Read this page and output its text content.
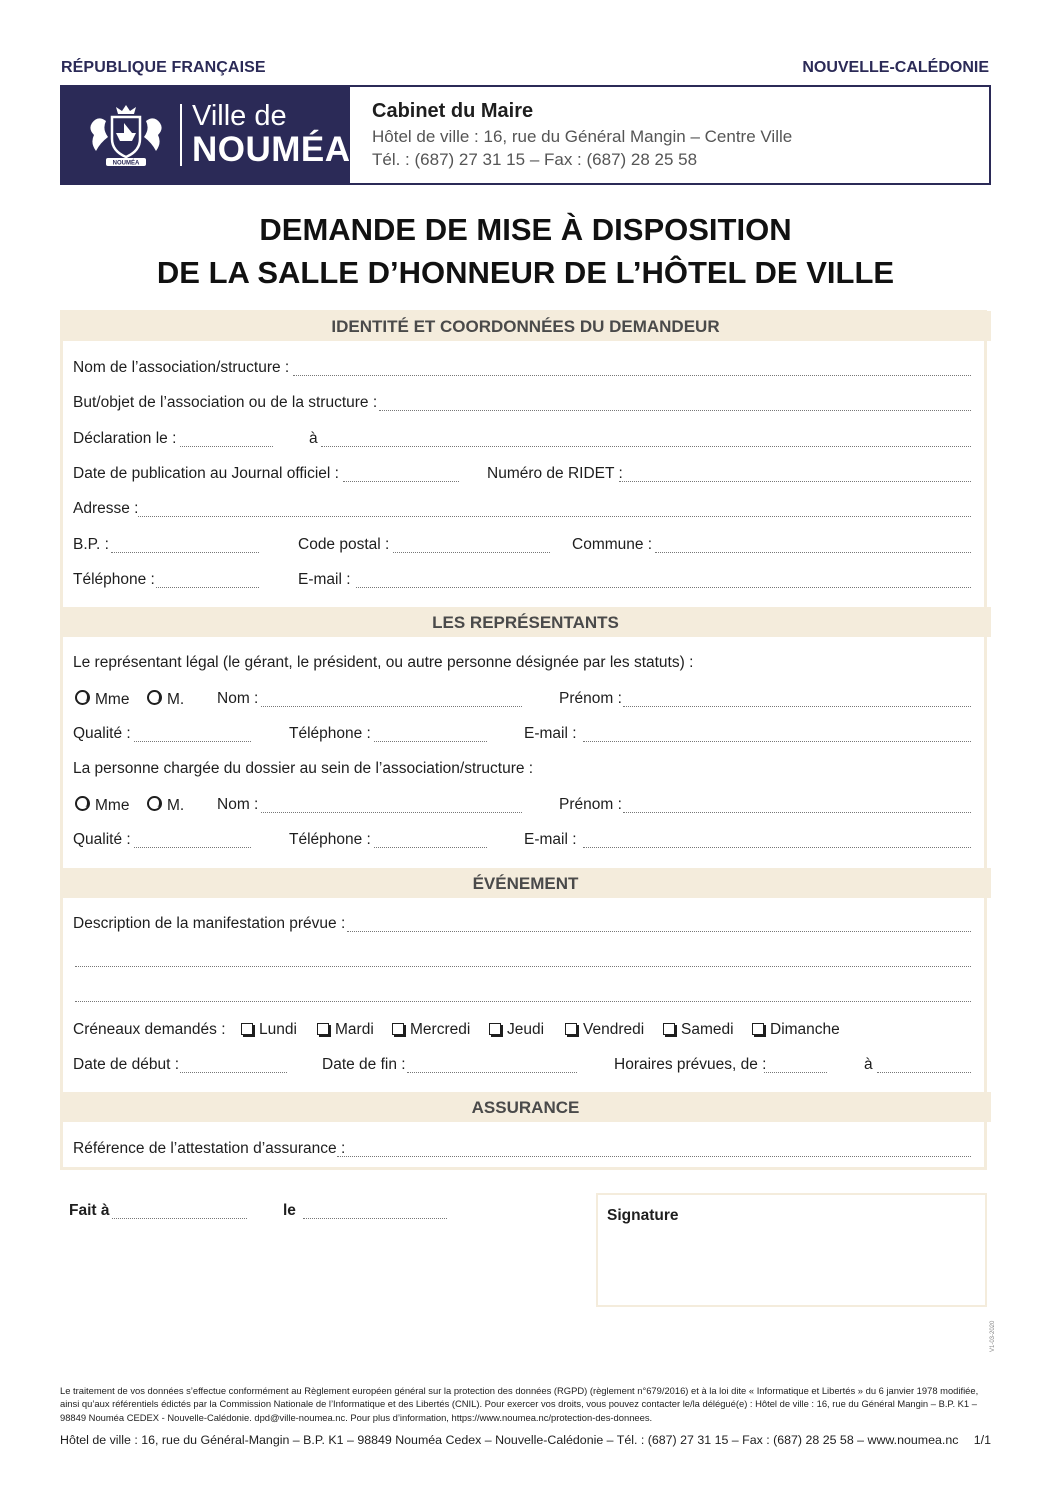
RÉPUBLIQUE FRANÇAISE	NOUVELLE-CALÉDONIE
NOUMÉA
Ville de
NOUMÉA
Cabinet du Maire
Hôtel de ville : 16, rue du Général Mangin – Centre Ville
Tél. : (687) 27 31 15 – Fax : (687) 28 25 58
DEMANDE DE MISE À DISPOSITION
DE LA SALLE D’HONNEUR DE L’HÔTEL DE VILLE
IDENTITÉ ET COORDONNÉES DU DEMANDEUR
Nom de l’association/structure :
But/objet de l’association ou de la structure :
Déclaration le :	à
Date de publication au Journal officiel :	Numéro de RIDET :
Adresse :
B.P. :	Code postal :	Commune :
Téléphone :	E-mail :
LES REPRÉSENTANTS
Le représentant légal (le gérant, le président, ou autre personne désignée par les statuts) :
Mme	M. Nom :	Prénom :
Qualité :	Téléphone :	E-mail :
La personne chargée du dossier au sein de l’association/structure :
Mme	M. Nom :	Prénom :
Qualité :	Téléphone :	E-mail :
ÉVÉNEMENT
Description de la manifestation prévue :
Créneaux demandés :	Lundi	Mardi	Mercredi	Jeudi	Vendredi	Samedi	Dimanche
Date de début :	Date de fin :	Horaires prévues, de :	à
ASSURANCE
Référence de l’attestation d’assurance :
Fait à	le	Signature
V1-03-2020
Le traitement de vos données s’effectue conformément au Règlement européen général sur la protection des données (RGPD) (règlement n°679/2016) et à la loi dite « Informatique et Libertés » du 6 janvier 1978 modifiée, ainsi qu’aux référentiels édictés par la Commission Nationale de l’Informatique et des Libertés (CNIL). Pour exercer vos droits, vous pouvez contacter le/la délégué(e) : Hôtel de ville : 16, rue du Général Mangin – B.P. K1 – 98849 Nouméa CEDEX - Nouvelle-Calédonie. dpd@ville-noumea.nc. Pour plus d’information, https://www.noumea.nc/protection-des-donnees.
Hôtel de ville : 16, rue du Général-Mangin – B.P. K1 – 98849 Nouméa Cedex – Nouvelle-Calédonie – Tél. : (687) 27 31 15 – Fax : (687) 28 25 58 – www.noumea.nc 1/1
